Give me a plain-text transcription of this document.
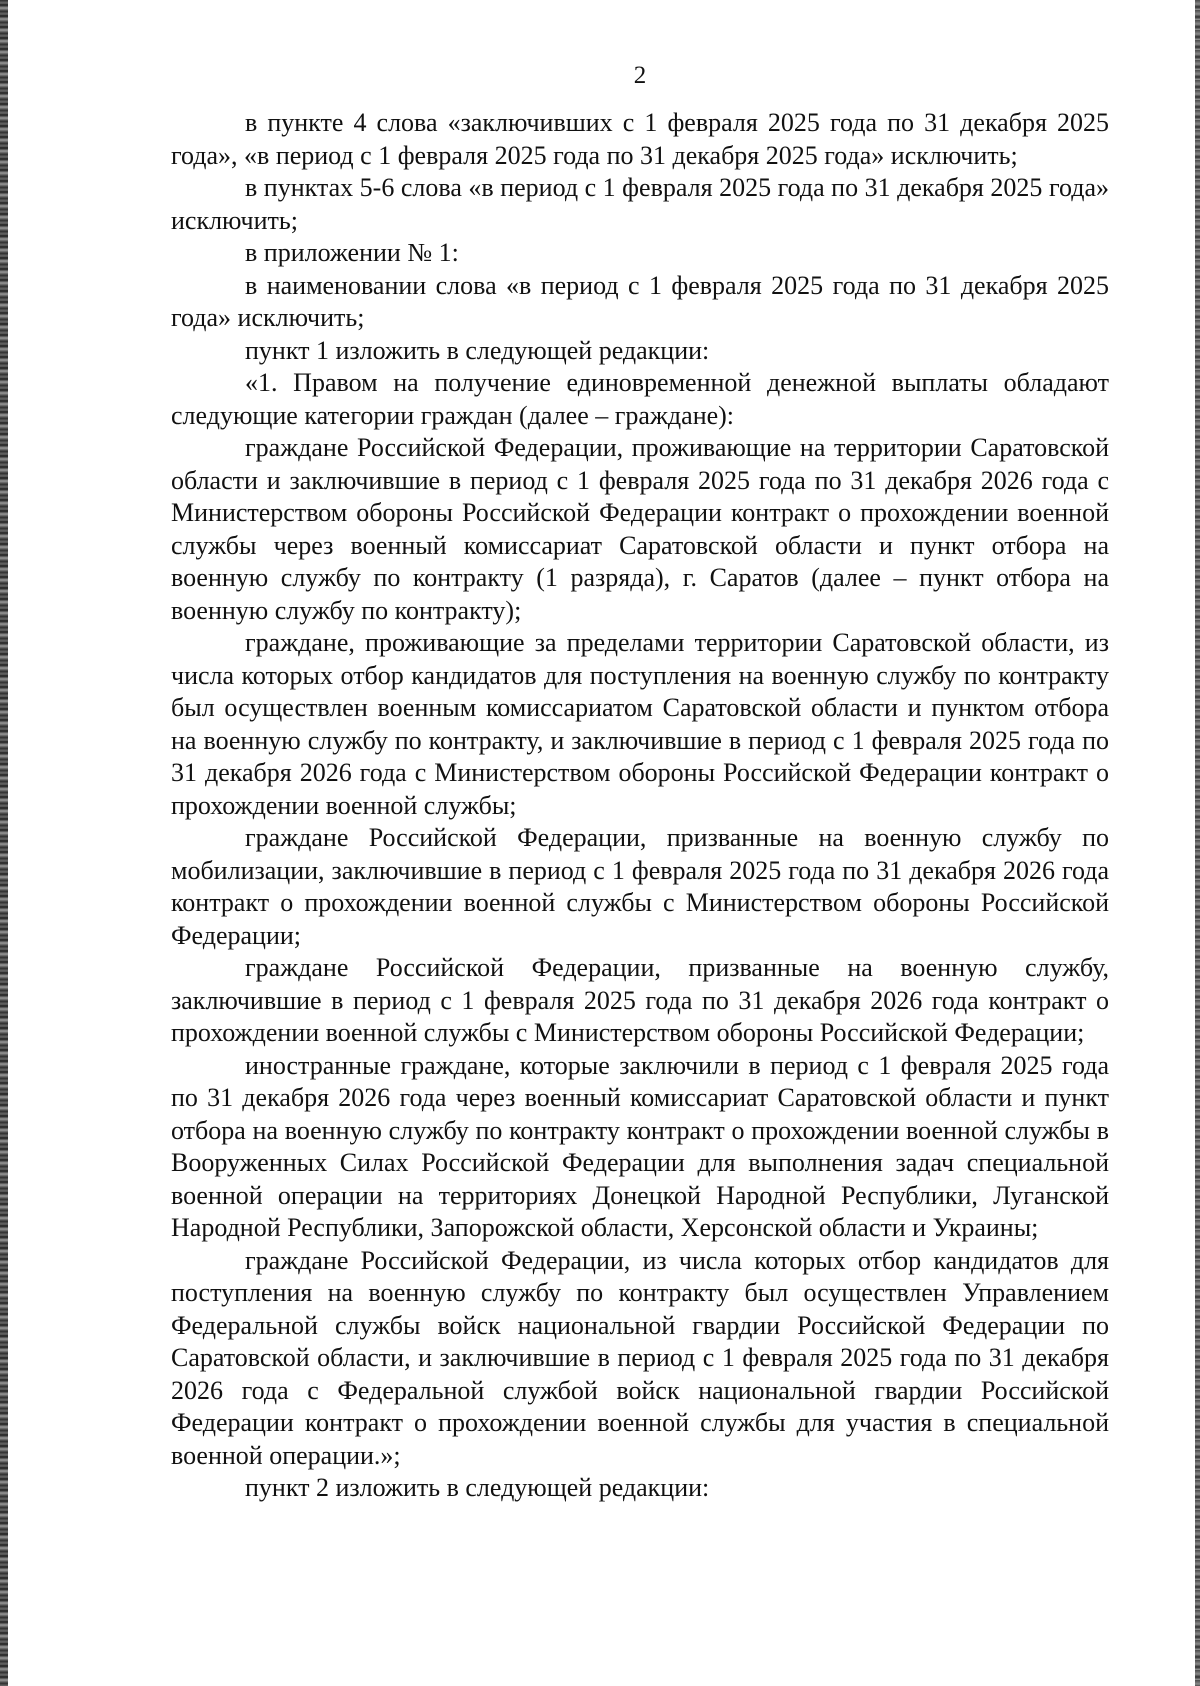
2

в пункте 4 слова «заключивших с 1 февраля 2025 года по 31 декабря 2025 года», «в период с 1 февраля 2025 года по 31 декабря 2025 года» исключить;

в пунктах 5-6 слова «в период с 1 февраля 2025 года по 31 декабря 2025 года» исключить;

в приложении № 1:

в наименовании слова «в период с 1 февраля 2025 года по 31 декабря 2025 года» исключить;

пункт 1 изложить в следующей редакции:

«1. Правом на получение единовременной денежной выплаты обладают следующие категории граждан (далее – граждане):

граждане Российской Федерации, проживающие на территории Саратовской области и заключившие в период с 1 февраля 2025 года по 31 декабря 2026 года с Министерством обороны Российской Федерации контракт о прохождении военной службы через военный комиссариат Саратовской области и пункт отбора на военную службу по контракту (1 разряда), г. Саратов (далее – пункт отбора на военную службу по контракту);

граждане, проживающие за пределами территории Саратовской области, из числа которых отбор кандидатов для поступления на военную службу по контракту был осуществлен военным комиссариатом Саратовской области и пунктом отбора на военную службу по контракту, и заключившие в период с 1 февраля 2025 года по 31 декабря 2026 года с Министерством обороны Российской Федерации контракт о прохождении военной службы;

граждане Российской Федерации, призванные на военную службу по мобилизации, заключившие в период с 1 февраля 2025 года по 31 декабря 2026 года контракт о прохождении военной службы с Министерством обороны Российской Федерации;

граждане Российской Федерации, призванные на военную службу, заключившие в период с 1 февраля 2025 года по 31 декабря 2026 года контракт о прохождении военной службы с Министерством обороны Российской Федерации;

иностранные граждане, которые заключили в период с 1 февраля 2025 года по 31 декабря 2026 года через военный комиссариат Саратовской области и пункт отбора на военную службу по контракту контракт о прохождении военной службы в Вооруженных Силах Российской Федерации для выполнения задач специальной военной операции на территориях Донецкой Народной Республики, Луганской Народной Республики, Запорожской области, Херсонской области и Украины;

граждане Российской Федерации, из числа которых отбор кандидатов для поступления на военную службу по контракту был осуществлен Управлением Федеральной службы войск национальной гвардии Российской Федерации по Саратовской области, и заключившие в период с 1 февраля 2025 года по 31 декабря 2026 года с Федеральной службой войск национальной гвардии Российской Федерации контракт о прохождении военной службы для участия в специальной военной операции.»;

пункт 2 изложить в следующей редакции:
